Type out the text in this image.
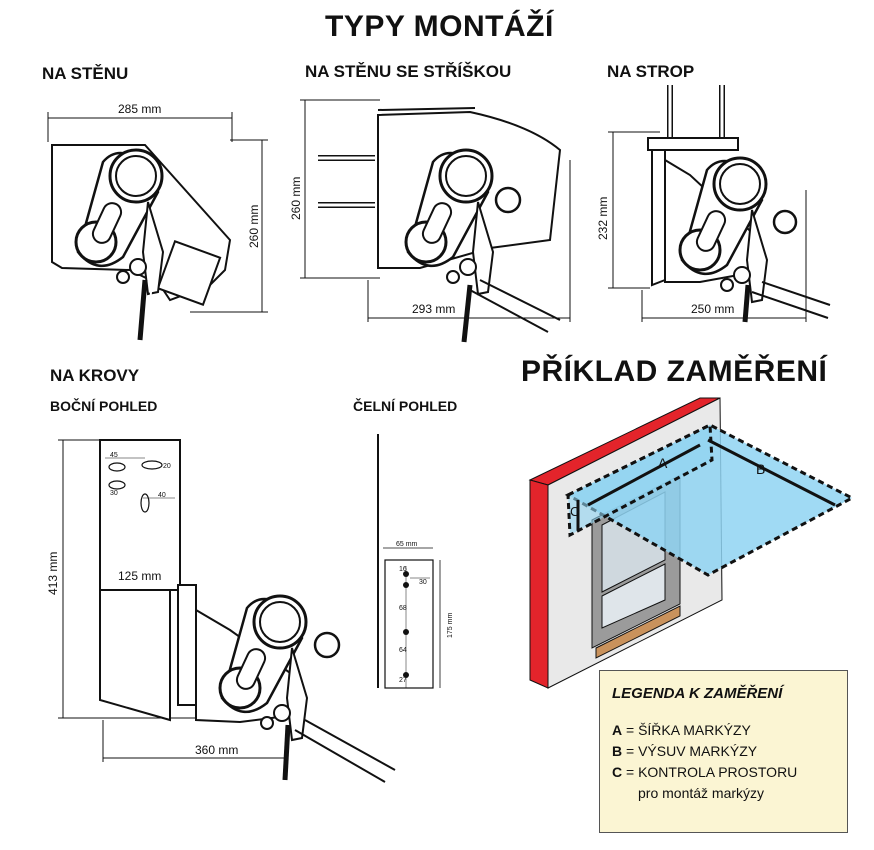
TYPY MONTÁŽÍ
NA STĚNU	NA STĚNU SE STŘÍŠKOU	NA STROP
NA KROVY
BOČNÍ POHLED	ČELNÍ POHLED
PŘÍKLAD ZAMĚŘENÍ
285 mm
260 mm
260 mm
293 mm
232 mm
250 mm
413 mm	125 mm
360 mm
45
20
30	40
65 mm
175 mm
16
30
68
64
27
A	B
C
LEGENDA K ZAMĚŘENÍ
A = ŠÍŘKA MARKÝZY
B = VÝSUV MARKÝZY
C = KONTROLA PROSTORU
pro montáž markýzy
